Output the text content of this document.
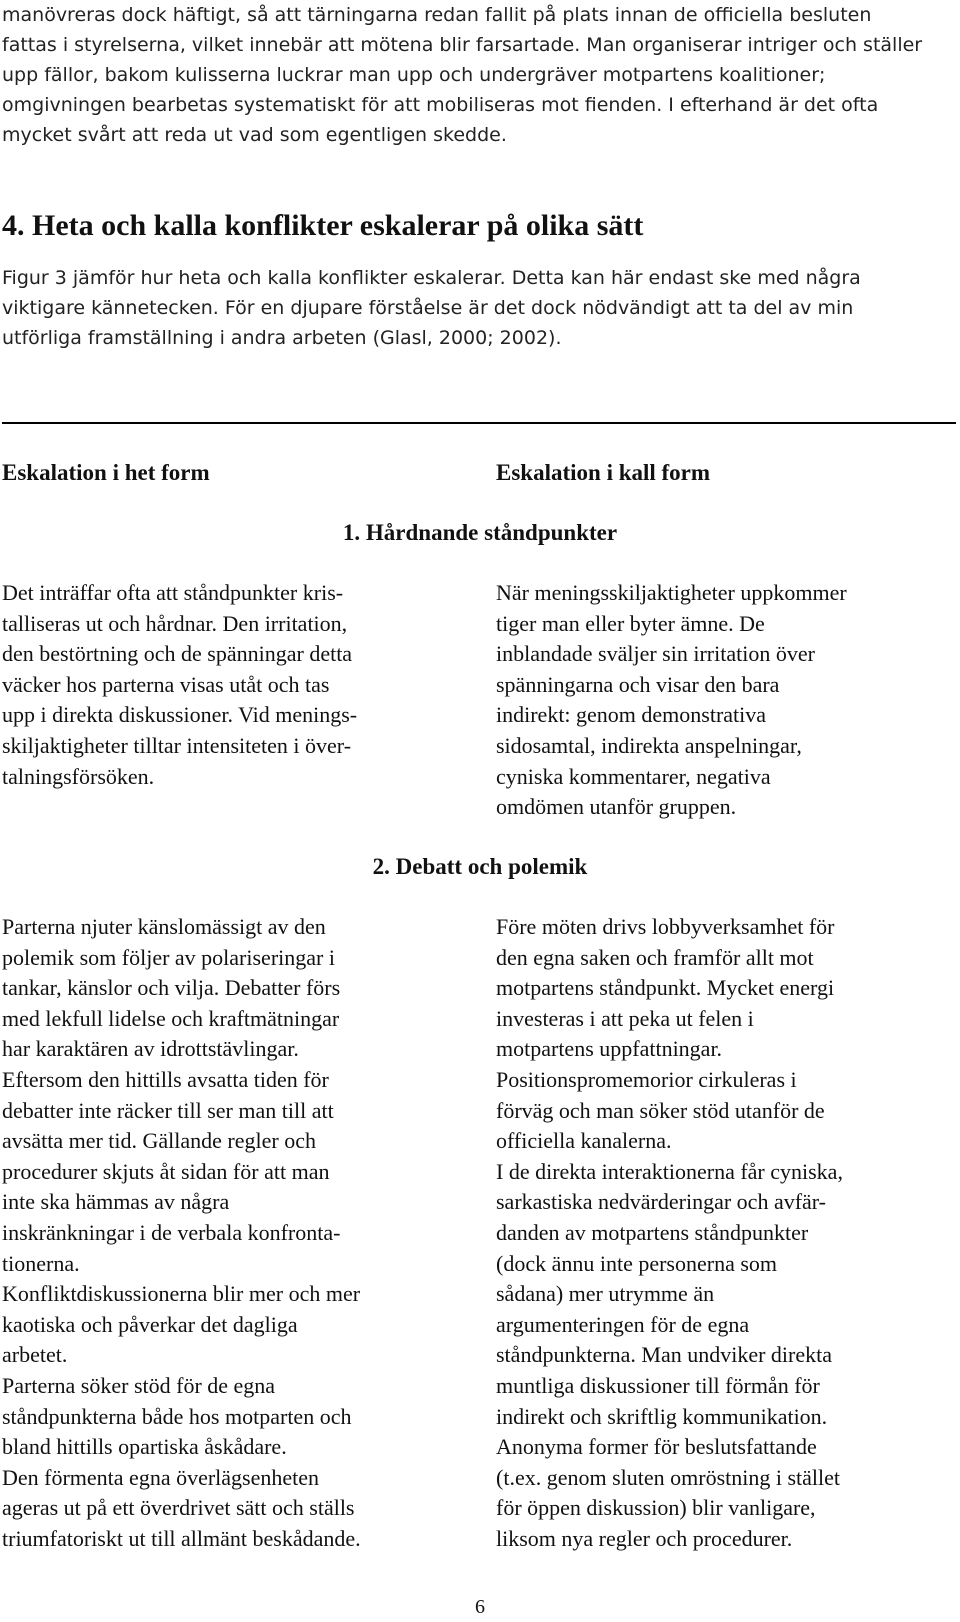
manövreras dock häftigt, så att tärningarna redan fallit på plats innan de officiella besluten fattas i styrelserna, vilket innebär att mötena blir farsartade. Man organiserar intriger och ställer upp fällor, bakom kulisserna luckrar man upp och undergräver motpartens koalitioner; omgivningen bearbetas systematiskt för att mobiliseras mot fienden. I efterhand är det ofta mycket svårt att reda ut vad som egentligen skedde.

4. Heta och kalla konflikter eskalerar på olika sätt

Figur 3 jämför hur heta och kalla konflikter eskalerar. Detta kan här endast ske med några viktigare kännetecken. För en djupare förståelse är det dock nödvändigt att ta del av min utförliga framställning i andra arbeten (Glasl, 2000; 2002).

Eskalation i het form	Eskalation i kall form

1. Hårdnande ståndpunkter

Det inträffar ofta att ståndpunkter kris-
talliseras ut och hårdnar. Den irritation,
den bestörtning och de spänningar detta
väcker hos parterna visas utåt och tas
upp i direkta diskussioner. Vid menings-
skiljaktigheter tilltar intensiteten i över-
talningsförsöken.
När meningsskiljaktigheter uppkommer
tiger man eller byter ämne. De
inblandade sväljer sin irritation över
spänningarna och visar den bara
indirekt: genom demonstrativa
sidosamtal, indirekta anspelningar,
cyniska kommentarer, negativa
omdömen utanför gruppen.

2. Debatt och polemik

Parterna njuter känslomässigt av den
polemik som följer av polariseringar i
tankar, känslor och vilja. Debatter förs
med lekfull lidelse och kraftmätningar
har karaktären av idrottstävlingar.
Eftersom den hittills avsatta tiden för
debatter inte räcker till ser man till att
avsätta mer tid. Gällande regler och
procedurer skjuts åt sidan för att man
inte ska hämmas av några
inskränkningar i de verbala konfronta-
tionerna.
Konfliktdiskussionerna blir mer och mer
kaotiska och påverkar det dagliga
arbetet.
Parterna söker stöd för de egna
ståndpunkterna både hos motparten och
bland hittills opartiska åskådare.
Den förmenta egna överlägsenheten
ageras ut på ett överdrivet sätt och ställs
triumfatoriskt ut till allmänt beskådande.
Före möten drivs lobbyverksamhet för
den egna saken och framför allt mot
motpartens ståndpunkt. Mycket energi
investeras i att peka ut felen i
motpartens uppfattningar.
Positionspromemorior cirkuleras i
förväg och man söker stöd utanför de
officiella kanalerna.
I de direkta interaktionerna får cyniska,
sarkastiska nedvärderingar och avfär-
danden av motpartens ståndpunkter
(dock ännu inte personerna som
sådana) mer utrymme än
argumenteringen för de egna
ståndpunkterna. Man undviker direkta
muntliga diskussioner till förmån för
indirekt och skriftlig kommunikation.
Anonyma former för beslutsfattande
(t.ex. genom sluten omröstning i stället
för öppen diskussion) blir vanligare,
liksom nya regler och procedurer.

6
